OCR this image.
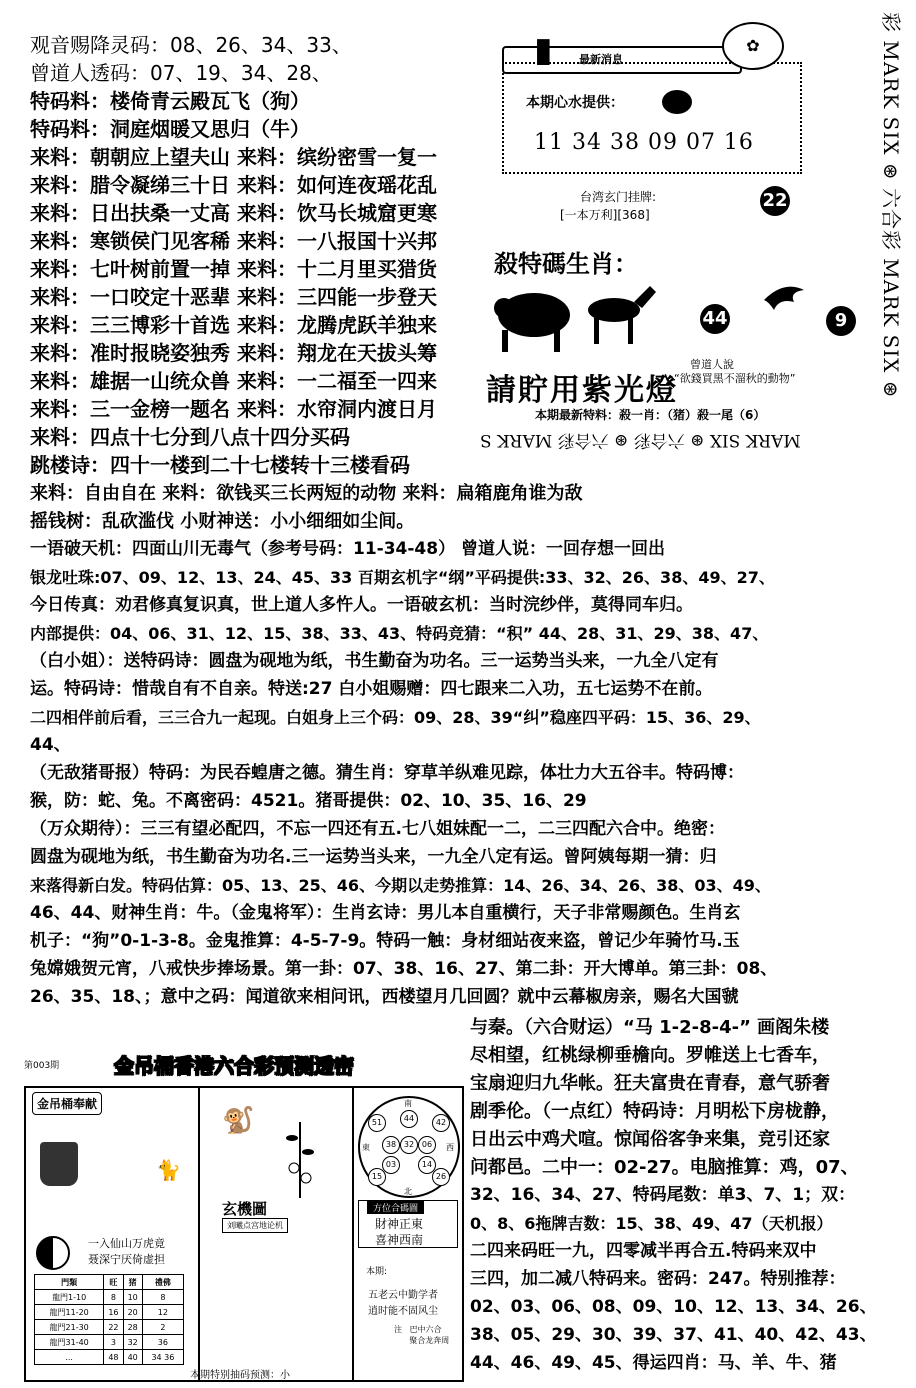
观音赐降灵码：08、26、34、33、
曾道人透码：07、19、34、28、
特码料：楼倚青云殿瓦飞（狗）
特码料：洞庭烟暖又思归（牛）
来料：朝朝应上望夫山 来料：缤纷密雪一复一
来料：腊令凝绨三十日 来料：如何连夜瑶花乱
来料：日出扶桑一丈高 来料：饮马长城窟更寒
来料：寒锁侯门见客稀 来料：一八报国十兴邦
来料：七叶树前置一掉 来料：十二月里买猎货
来料：一口咬定十恶辈 来料：三四能一步登天
来料：三三博彩十首选 来料：龙腾虎跃羊独来
来料：准时报晓姿独秀 来料：翔龙在天拔头筹
来料：雄据一山统众兽 来料：一二福至一四来
来料：三一金榜一题名 来料：水帘洞内渡日月
来料：四点十七分到八点十四分买码
跳楼诗：四十一楼到二十七楼转十三楼看码
来料：自由自在 来料：欲钱买三长两短的动物 来料：扁箱鹿角谁为敌
摇钱树：乱砍滥伐 小财神送：小小细细如尘间。
一语破天机：四面山川无毒气（参考号码：11-34-48） 曾道人说：一回存想一回出
银龙吐珠:07、09、12、13、24、45、33 百期玄机字“纲”平码提供:33、32、26、38、49、27、
今日传真：劝君修真复识真，世上道人多忤人。一语破玄机：当时浣纱伴，莫得同车归。
内部提供：04、06、31、12、15、38、33、43、特码竞猜：“积” 44、28、31、29、38、47、
（白小姐）：送特码诗：圆盘为砚地为纸，书生勤奋为功名。三一运势当头来，一九全八定有
运。特码诗：惜哉自有不自亲。特送:27 白小姐赐赠：四七跟来二入功，五七运势不在前。
二四相伴前后看，三三合九一起现。白姐身上三个码：09、28、39“纠”稳座四平码：15、36、29、
44、
（无敌猪哥报）特码：为民吞蝗唐之德。猜生肖：穿草羊纵难见踪，体壮力大五谷丰。特码博：
猴，防：蛇、兔。不离密码：4521。猪哥提供：02、10、35、16、29
（万众期待）：三三有望必配四，不忘一四还有五.七八姐妹配一二，二三四配六合中。绝密：
圆盘为砚地为纸，书生勤奋为功名.三一运势当头来，一九全八定有运。曾阿姨每期一猜：归
来落得新白发。特码估算：05、13、25、46、今期以走势推算：14、26、34、26、38、03、49、
46、44、财神生肖：牛。（金鬼将军）：生肖玄诗：男儿本自重横行，天子非常赐颜色。生肖玄
机子：“狗”0-1-3-8。金鬼推算：4-5-7-9。特码一触：身材细站夜来盗，曾记少年骑竹马.玉
兔嫦娥贺元宵，八戒快步捧场景。第一卦：07、38、16、27、第二卦：开大博单。第三卦：08、
26、35、18、；意中之码：闻道欲来相问讯，西楼望月几回圆？就中云幕椒房亲，赐名大国虢
与秦。（六合财运）“马 1-2-8-4-” 画阁朱楼
尽相望，红桃绿柳垂檐向。罗帷送上七香车，
宝扇迎归九华帐。狂夫富贵在青春，意气骄奢
剧季伦。（一点红）特码诗：月明松下房栊静，
日出云中鸡犬喧。惊闻俗客争来集，竞引还家
问都邑。二中一：02-27。电脑推算：鸡，07、
32、16、34、27、特码尾数：单3、7、1；双：
0、8、6拖牌吉数：15、38、49、47（天机报）
二四来码旺一九，四零减半再合五.特码来双中
三四，加二减八特码来。密码：247。特别推荐：
02、03、06、08、09、10、12、13、34、26、
38、05、29、30、39、37、41、40、42、43、
44、46、49、45、得运四肖：马、羊、牛、猪
▮ 最新消息
✿
本期心水提供：
11 34 38 09 07 16
台湾玄门挂牌:
[一本万利][368]
22
殺特碼生肖：
44	9
曾道人說
“欲錢買黑不溜秋的動物”
請貯用紫光燈
本期最新特料：殺一肖：（猪）殺一尾（6）
MARK SIX ⊛ 六合彩 ⊛ 六合彩 MARK S
彩 MARK SIX ⊛ 六合彩 MARK SIX ⊛
第003期	金吊桶香港六合彩预测透密
金吊桶奉献
🐈
一入仙山万虎竟
聂深宁厌倚虚担
門類	旺	猪	禮佛
龍門1-10	8	10	8
龍門11-20	16	20	12
龍門21-30	22	28	2
龍門31-40	3	32	36
...	48	40	34 36
🐒
玄機圖
刘曦点宫地论机
南
北
東	西
51	44	42
38 32 06
03	14
15	26
方位合碼圖
財神正東
喜神西南
本期:
五老云中勤学者
逍时能不固风尘
注   巴中六合
聚合龙奔周
本期特别抽码预测：小
